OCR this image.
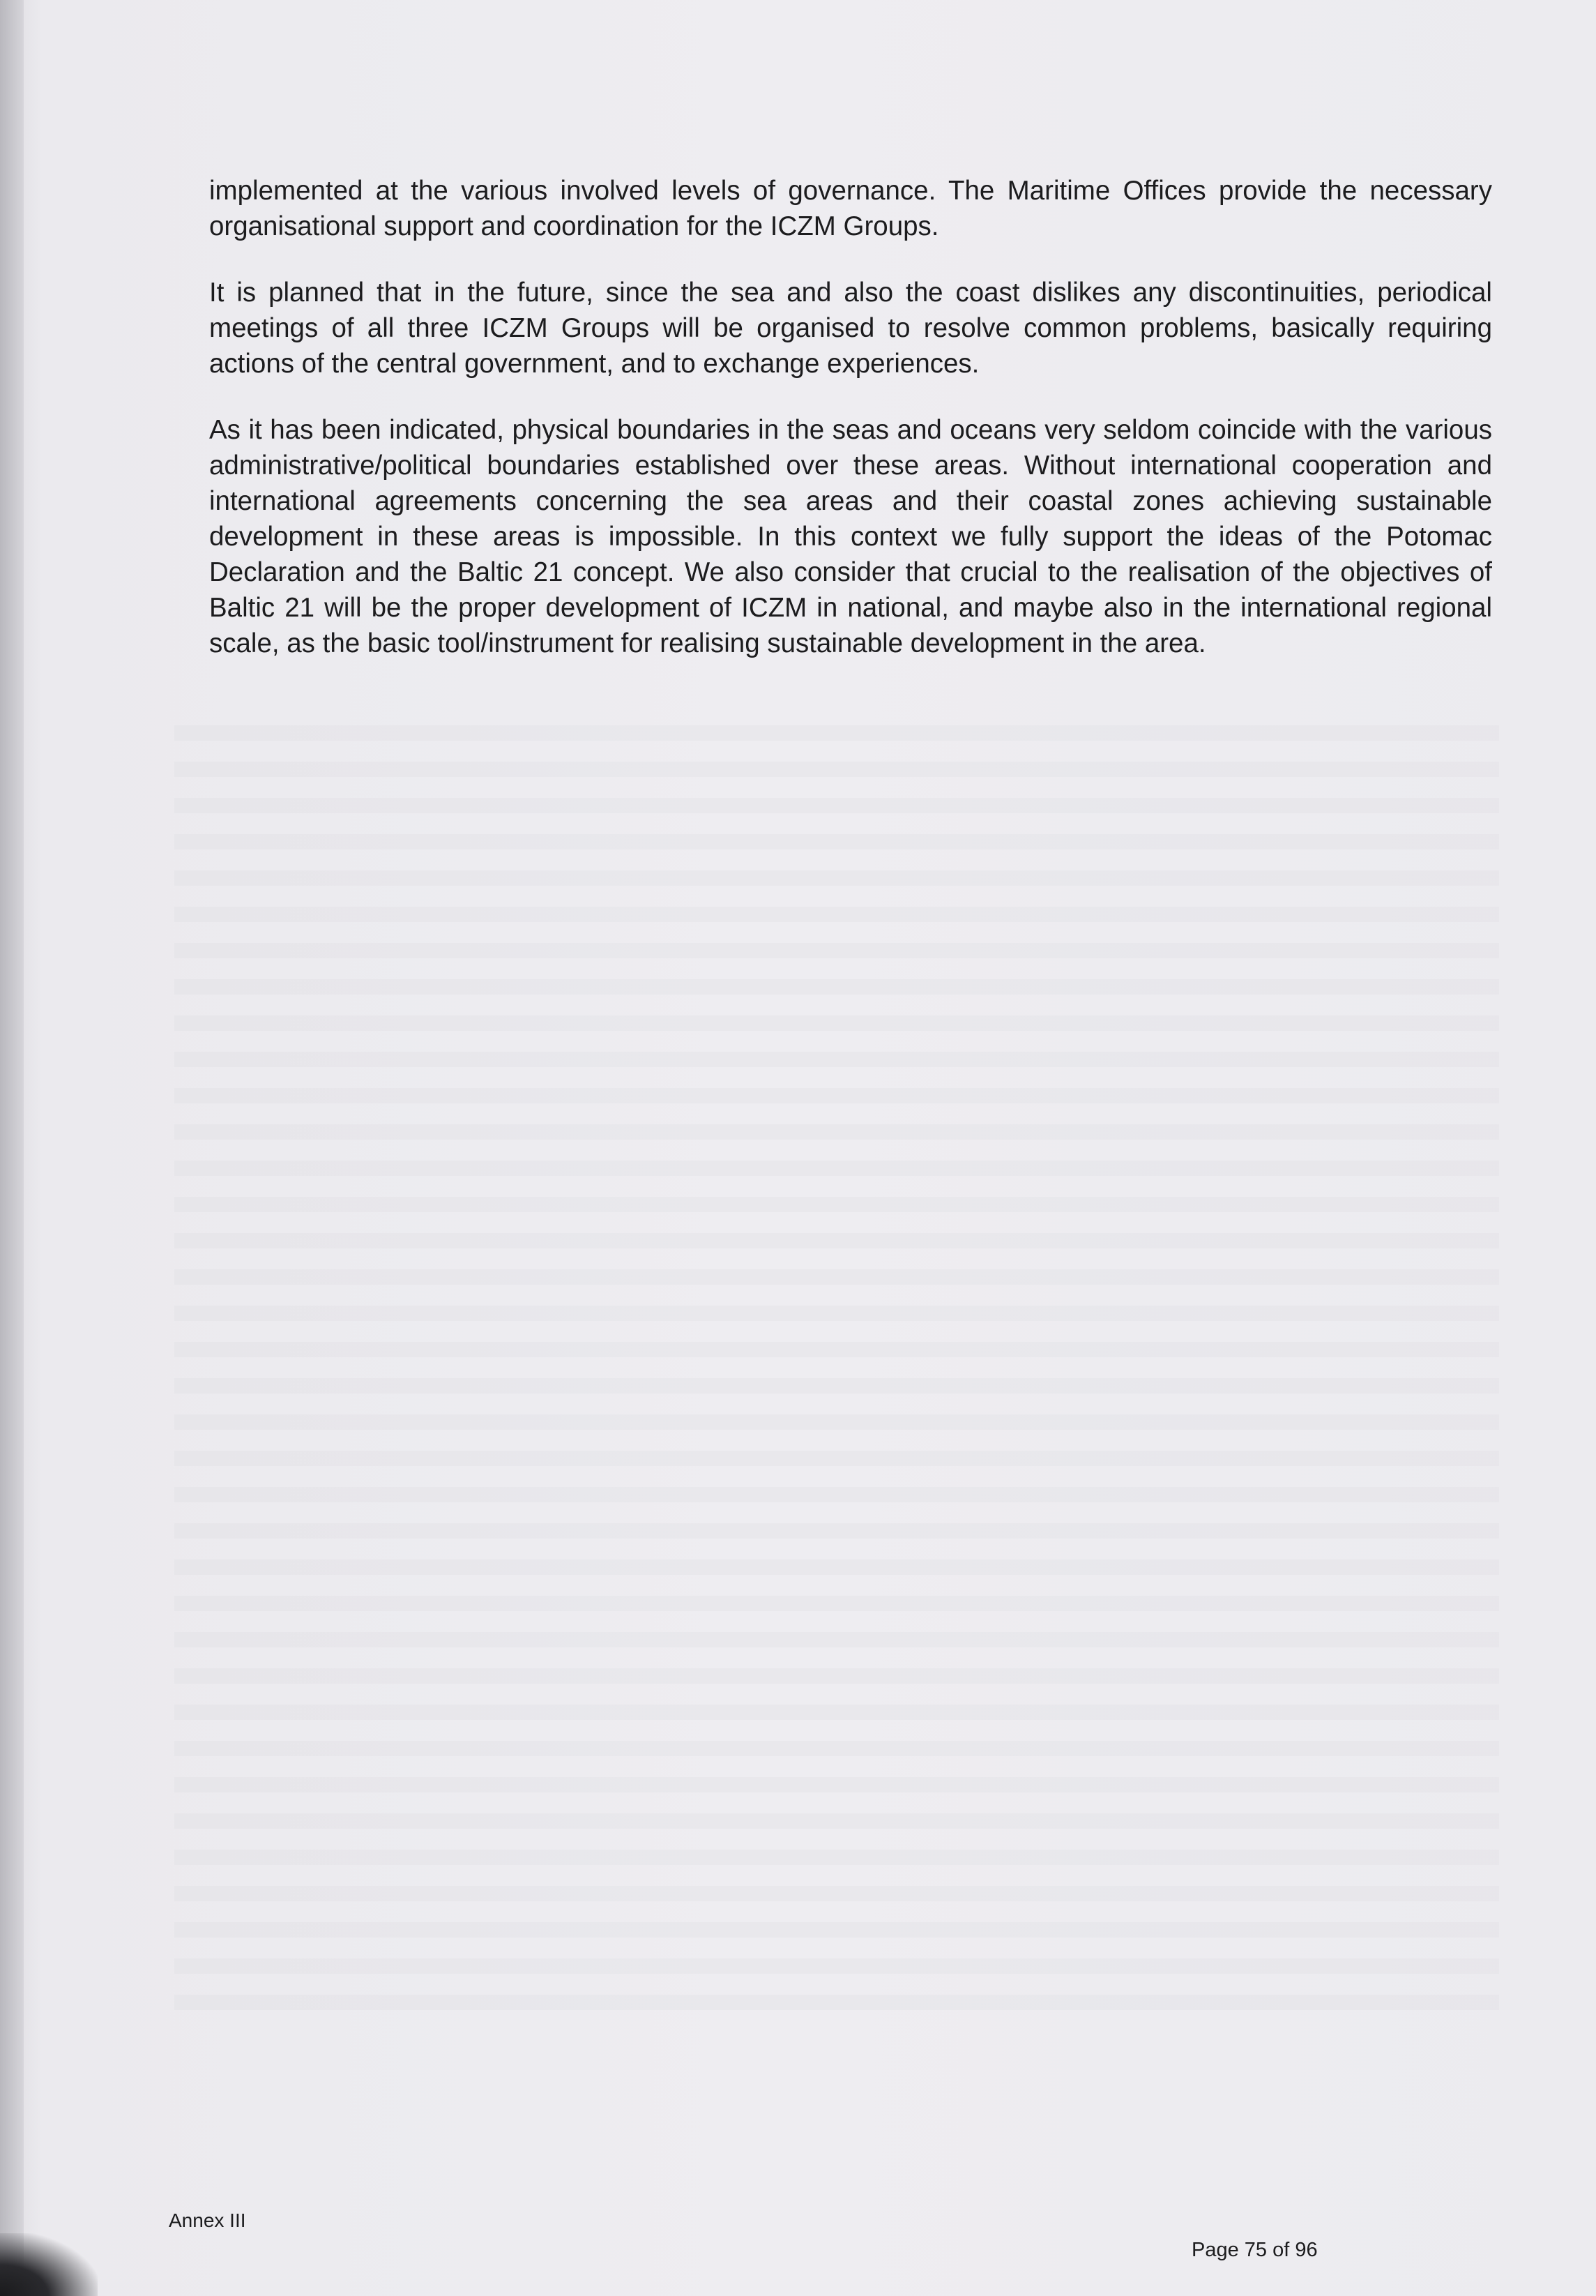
implemented at the various involved levels of governance. The Maritime Offices provide the necessary organisational support and coordination for the ICZM Groups.

It is planned that in the future, since the sea and also the coast dislikes any discontinuities, periodical meetings of all three ICZM Groups will be organised to resolve common problems, basically requiring actions of the central government, and to exchange experiences.

As it has been indicated, physical boundaries in the seas and oceans very seldom coincide with the various administrative/political boundaries established over these areas. Without international cooperation and international agreements concerning the sea areas and their coastal zones achieving sustainable development in these areas is impossible. In this context we fully support the ideas of the Potomac Declaration and the Baltic 21 concept. We also consider that crucial to the realisation of the objectives of Baltic 21 will be the proper development of ICZM in national, and maybe also in the international regional scale, as the basic tool/instrument for realising sustainable development in the area.

Annex III
Page 75 of 96
